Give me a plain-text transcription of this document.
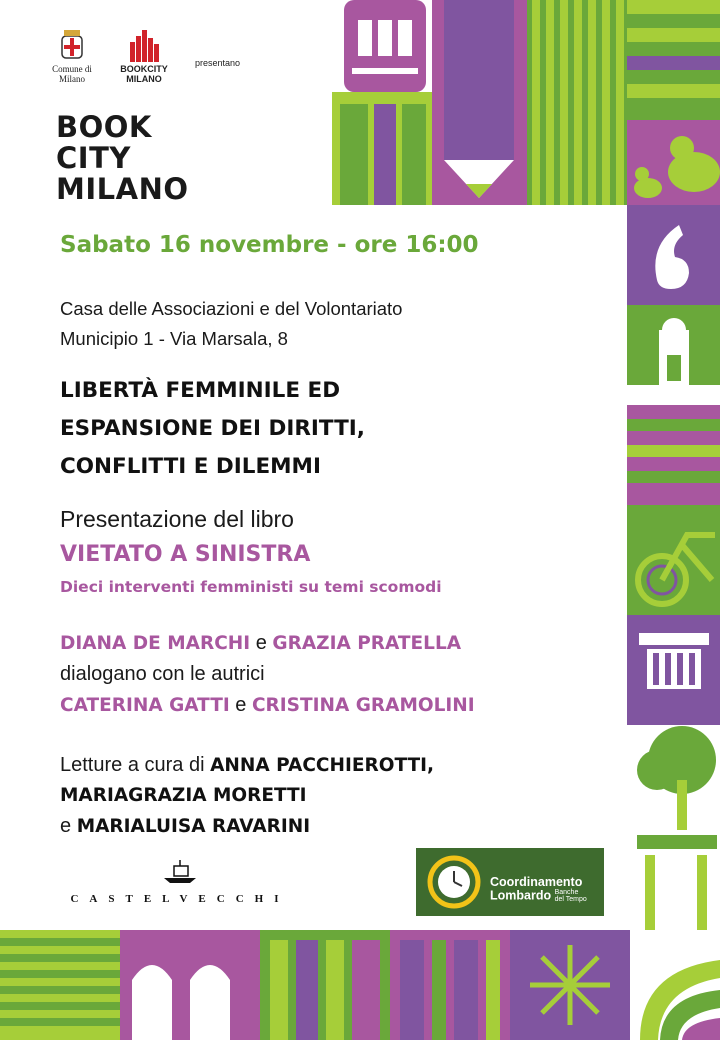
Comune di
Milano
BOOKCITY
MILANO
presentano
BOOK
CITY
MILANO
Sabato 16 novembre - ore 16:00
Casa delle Associazioni e del Volontariato
Municipio 1 - Via Marsala, 8
LIBERTÀ FEMMINILE ED
ESPANSIONE DEI DIRITTI,
CONFLITTI E DILEMMI
Presentazione del libro
VIETATO A SINISTRA
Dieci interventi femministi su temi scomodi
DIANA DE MARCHI e GRAZIA PRATELLA
dialogano con le autrici
CATERINA GATTI e CRISTINA GRAMOLINI
Letture a cura di ANNA PACCHIEROTTI,
MARIAGRAZIA MORETTI
e MARIALUISA RAVARINI
CASTELVECCHI
Coordinamento
Lombardo Banche
del Tempo
